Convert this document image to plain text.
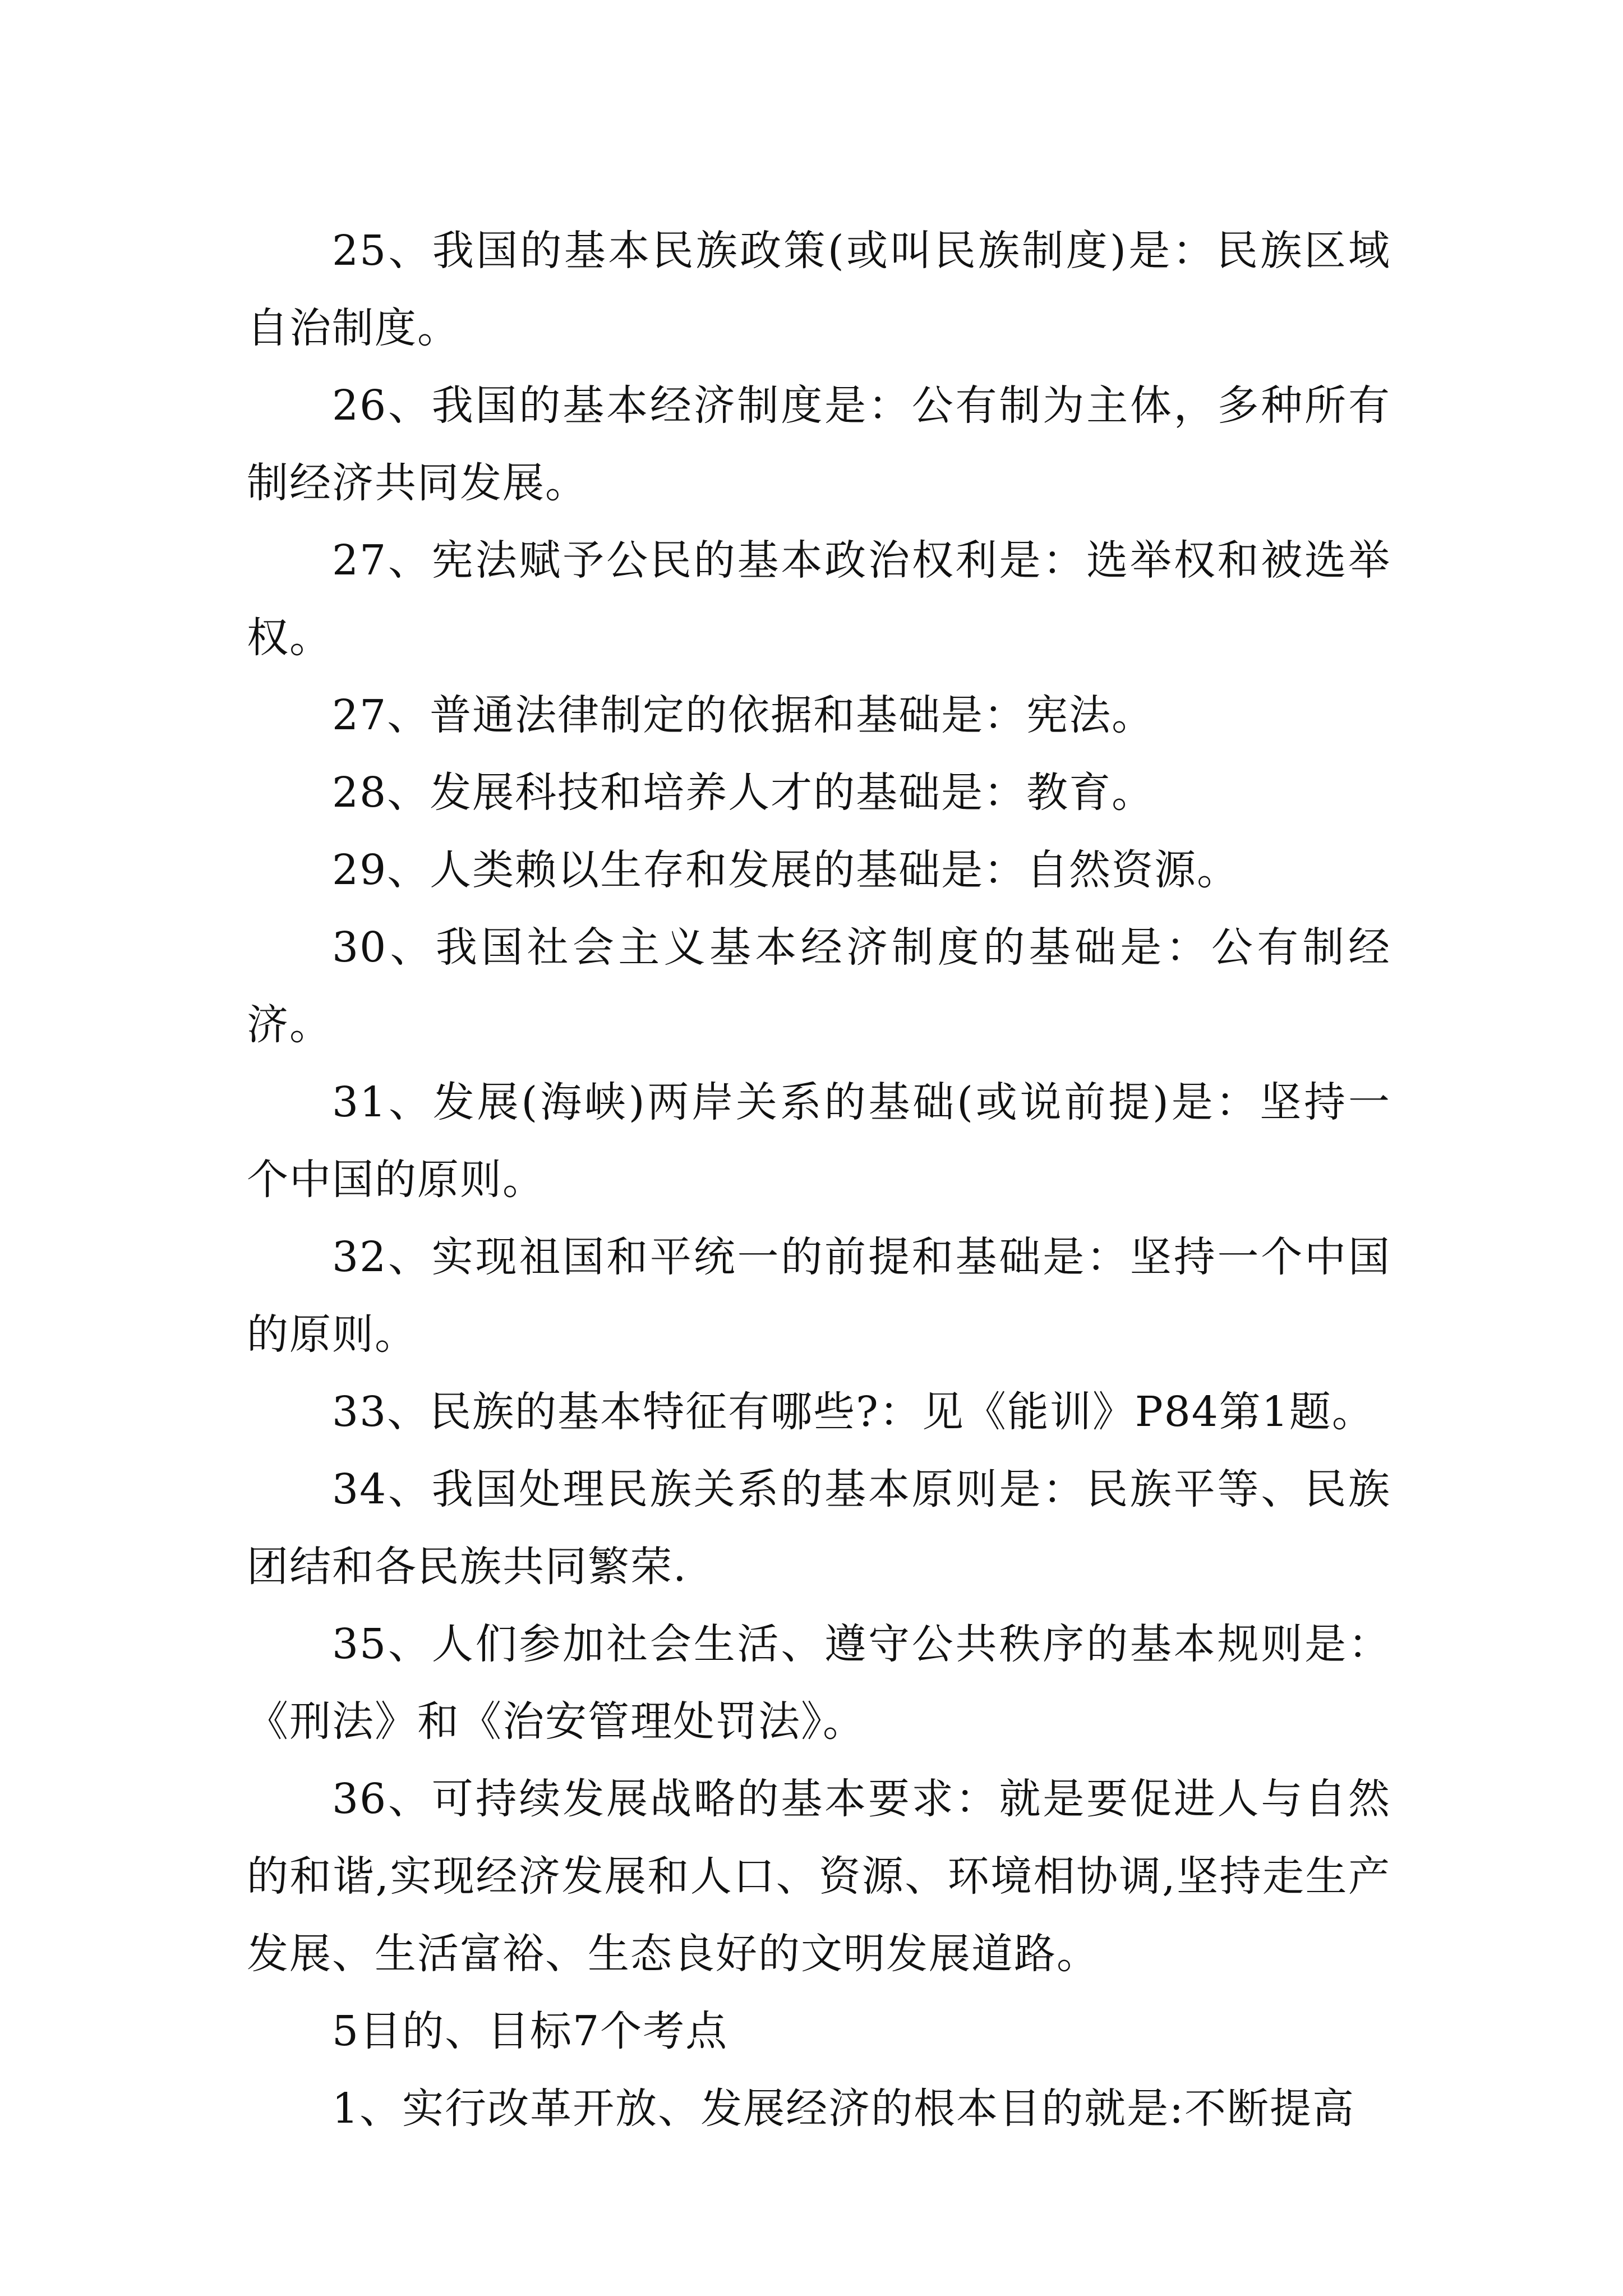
25、我国的基本民族政策(或叫民族制度)是：民族区域自治制度。

26、我国的基本经济制度是：公有制为主体，多种所有制经济共同发展。

27、宪法赋予公民的基本政治权利是：选举权和被选举权。

27、普通法律制定的依据和基础是：宪法。

28、发展科技和培养人才的基础是：教育。

29、人类赖以生存和发展的基础是：自然资源。

30、我国社会主义基本经济制度的基础是：公有制经济。

31、发展(海峡)两岸关系的基础(或说前提)是：坚持一个中国的原则。

32、实现祖国和平统一的前提和基础是：坚持一个中国的原则。

33、民族的基本特征有哪些?：见《能训》P84第1题。

34、我国处理民族关系的基本原则是：民族平等、民族团结和各民族共同繁荣.

35、人们参加社会生活、遵守公共秩序的基本规则是：《刑法》和《治安管理处罚法》。

36、可持续发展战略的基本要求：就是要促进人与自然的和谐,实现经济发展和人口、资源、环境相协调,坚持走生产发展、生活富裕、生态良好的文明发展道路。

5目的、目标7个考点

1、实行改革开放、发展经济的根本目的就是:不断提高
